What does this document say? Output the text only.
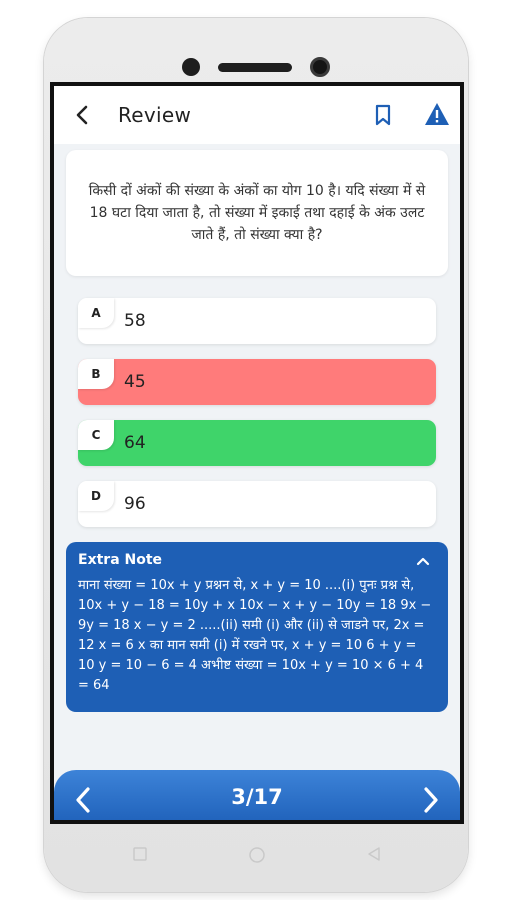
Review
किसी दों अंकों की संख्या के अंकों का योग 10 है। यदि संख्या में से 18 घटा दिया जाता है, तो संख्या में इकाई तथा दहाई के अंक उलट जाते हैं, तो संख्या क्या है?
A	58
B	45
C	64
D	96
Extra Note
माना संख्या = 10x + y प्रश्नन से, x + y = 10 ....(i) पुनः प्रश्न से, 10x + y − 18 = 10y + x 10x − x + y − 10y = 18 9x − 9y = 18 x − y = 2 .....(ii) समी (i) और (ii) से जाडने पर, 2x = 12 x = 6 x का मान समी (i) में रखने पर, x + y = 10 6 + y = 10 y = 10 − 6 = 4 अभीष्ट संख्या = 10x + y = 10 × 6 + 4 = 64
3/17
